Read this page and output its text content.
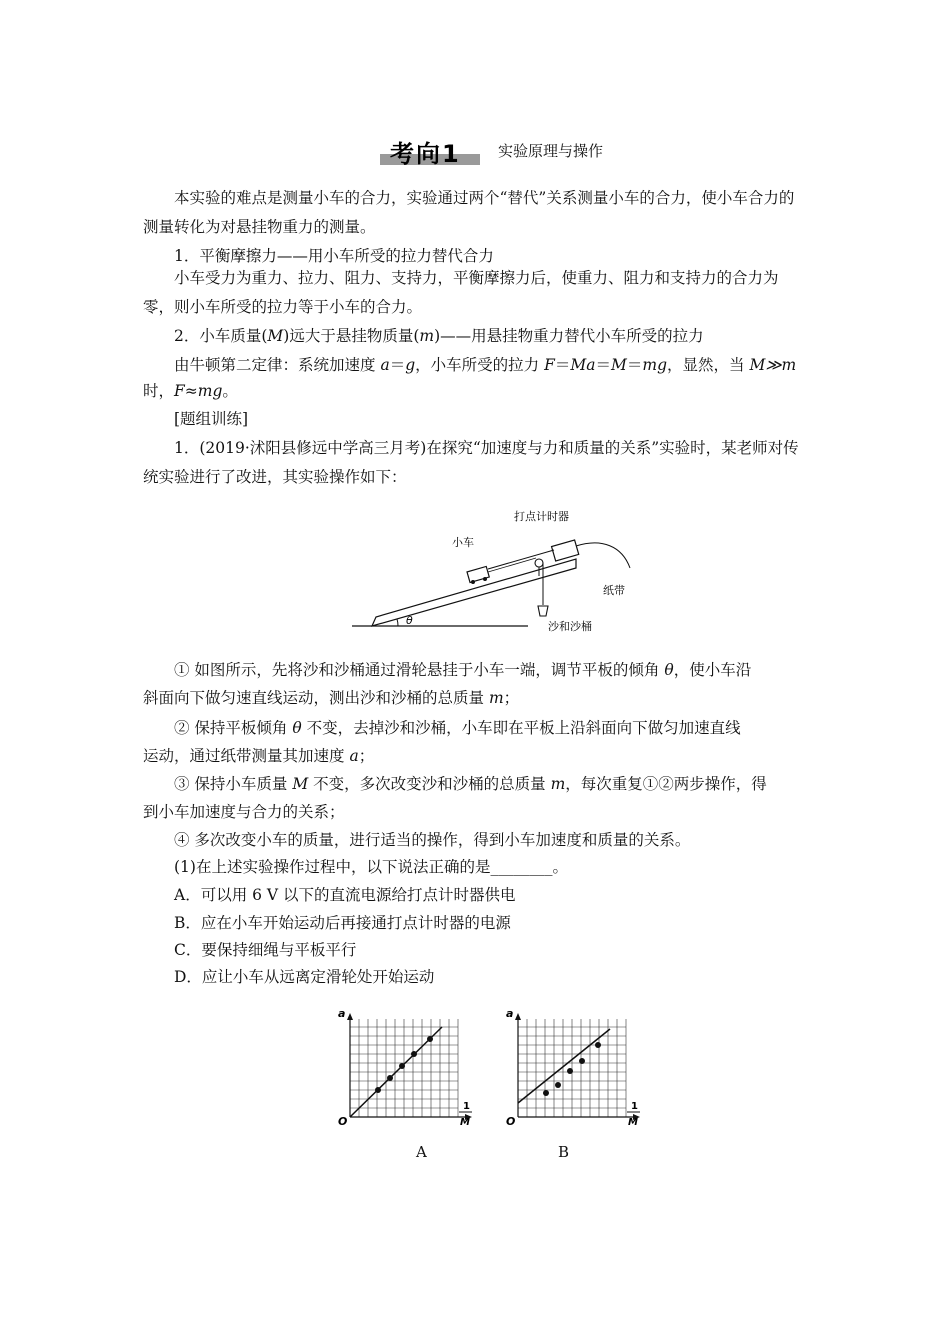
考向1 实验原理与操作
本实验的难点是测量小车的合力，实验通过两个“替代”关系测量小车的合力，使小车合力的测量转化为对悬挂物重力的测量。
1．平衡摩擦力——用小车所受的拉力替代合力
小车受力为重力、拉力、阻力、支持力，平衡摩擦力后，使重力、阻力和支持力的合力为零，则小车所受的拉力等于小车的合力。
2．小车质量(M)远大于悬挂物质量(m)——用悬挂物重力替代小车所受的拉力
由牛顿第二定律：系统加速度 a＝g，小车所受的拉力 F＝Ma＝M＝mg，显然，当 M≫m
时，F≈mg。
[题组训练]
1．(2019·沭阳县修远中学高三月考)在探究“加速度与力和质量的关系”实验时，某老师对传统实验进行了改进，其实验操作如下：
θ
打点计时器
小车
纸带
沙和沙桶
① 如图所示，先将沙和沙桶通过滑轮悬挂于小车一端，调节平板的倾角 θ，使小车沿
斜面向下做匀速直线运动，测出沙和沙桶的总质量 m；
② 保持平板倾角 θ 不变，去掉沙和沙桶，小车即在平板上沿斜面向下做匀加速直线
运动，通过纸带测量其加速度 a；
③ 保持小车质量 M 不变，多次改变沙和沙桶的总质量 m，每次重复①②两步操作，得
到小车加速度与合力的关系；
④ 多次改变小车的质量，进行适当的操作，得到小车加速度和质量的关系。
(1)在上述实验操作过程中，以下说法正确的是________。
A．可以用 6 V 以下的直流电源给打点计时器供电
B．应在小车开始运动后再接通打点计时器的电源
C．要保持细绳与平板平行
D．应让小车从远离定滑轮处开始运动
a
O
1
M
a
O
1
M
A	B
